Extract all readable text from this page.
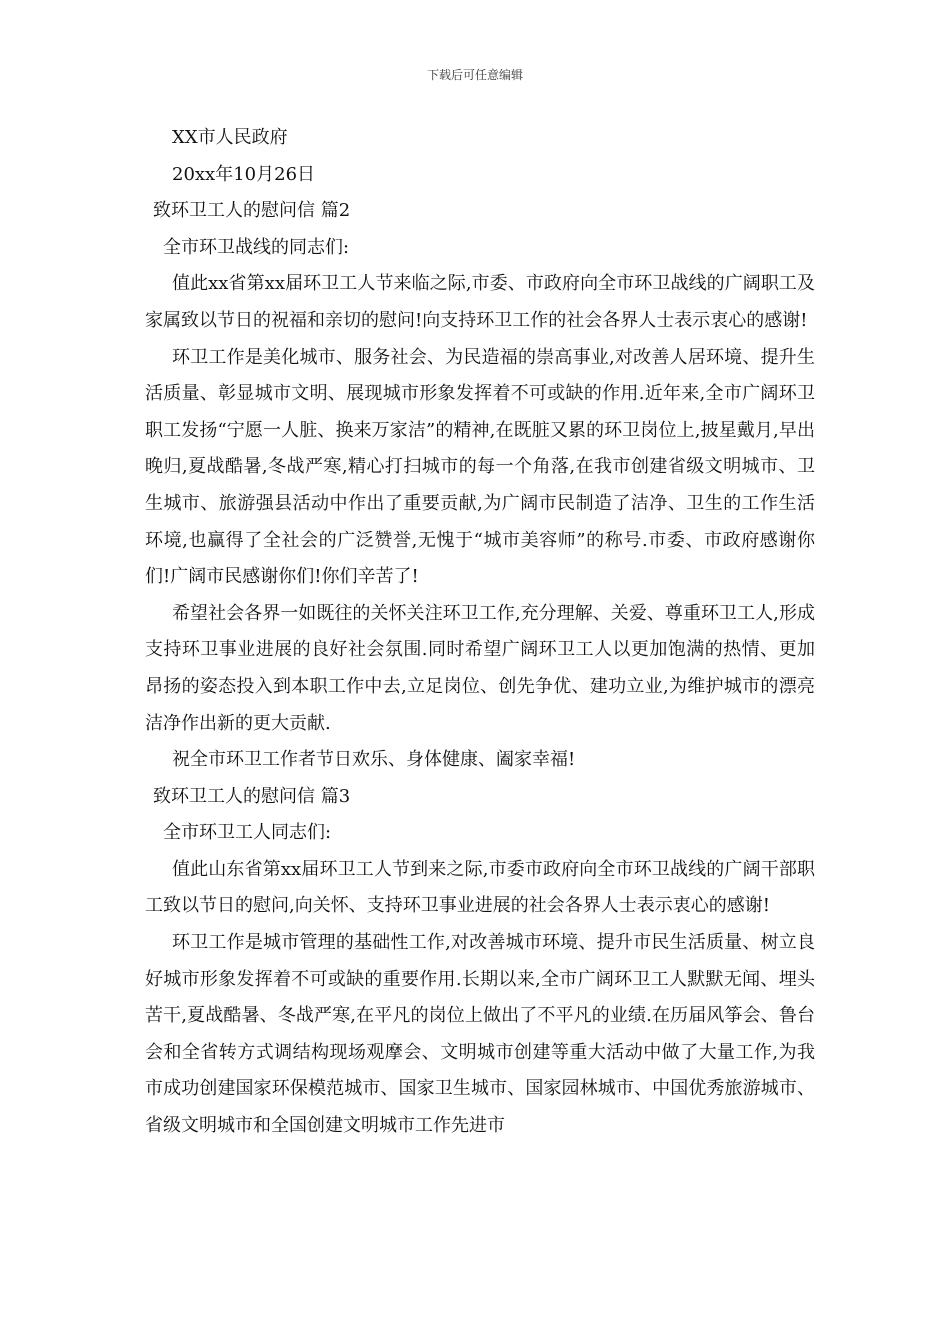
下载后可任意编辑

XX市人民政府

20xx年10月26日

致环卫工人的慰问信 篇2

全市环卫战线的同志们:

值此xx省第xx届环卫工人节来临之际,市委、市政府向全市环卫战线的广阔职工及家属致以节日的祝福和亲切的慰问!向支持环卫工作的社会各界人士表示衷心的感谢!

环卫工作是美化城市、服务社会、为民造福的崇高事业,对改善人居环境、提升生活质量、彰显城市文明、展现城市形象发挥着不可或缺的作用.近年来,全市广阔环卫职工发扬“宁愿一人脏、换来万家洁”的精神,在既脏又累的环卫岗位上,披星戴月,早出晚归,夏战酷暑,冬战严寒,精心打扫城市的每一个角落,在我市创建省级文明城市、卫生城市、旅游强县活动中作出了重要贡献,为广阔市民制造了洁净、卫生的工作生活环境,也赢得了全社会的广泛赞誉,无愧于“城市美容师”的称号.市委、市政府感谢你们!广阔市民感谢你们!你们辛苦了!

希望社会各界一如既往的关怀关注环卫工作,充分理解、关爱、尊重环卫工人,形成支持环卫事业进展的良好社会氛围.同时希望广阔环卫工人以更加饱满的热情、更加昂扬的姿态投入到本职工作中去,立足岗位、创先争优、建功立业,为维护城市的漂亮洁净作出新的更大贡献.

祝全市环卫工作者节日欢乐、身体健康、阖家幸福!

致环卫工人的慰问信 篇3

全市环卫工人同志们:

值此山东省第xx届环卫工人节到来之际,市委市政府向全市环卫战线的广阔干部职工致以节日的慰问,向关怀、支持环卫事业进展的社会各界人士表示衷心的感谢!

环卫工作是城市管理的基础性工作,对改善城市环境、提升市民生活质量、树立良好城市形象发挥着不可或缺的重要作用.长期以来,全市广阔环卫工人默默无闻、埋头苦干,夏战酷暑、冬战严寒,在平凡的岗位上做出了不平凡的业绩.在历届风筝会、鲁台会和全省转方式调结构现场观摩会、文明城市创建等重大活动中做了大量工作,为我市成功创建国家环保模范城市、国家卫生城市、国家园林城市、中国优秀旅游城市、省级文明城市和全国创建文明城市工作先进市
